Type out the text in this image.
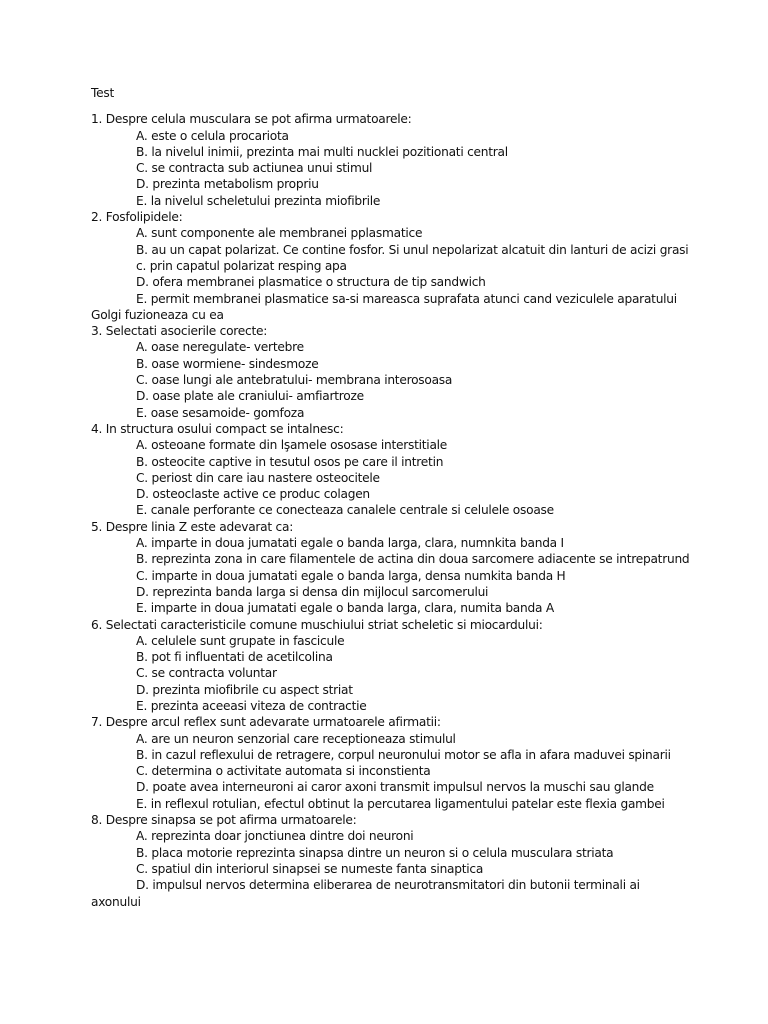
Test
1. Despre celula musculara se pot afirma urmatoarele:
A. este o celula procariota
B. la nivelul inimii, prezinta mai multi nucklei pozitionati central
C. se contracta sub actiunea unui stimul
D. prezinta metabolism propriu
E. la nivelul scheletului prezinta miofibrile
2. Fosfolipidele:
A. sunt componente ale membranei pplasmatice
B. au un capat polarizat. Ce contine fosfor. Si unul nepolarizat alcatuit din lanturi de acizi grasi
c. prin capatul polarizat resping apa
D. ofera membranei plasmatice o structura de tip sandwich
E. permit membranei plasmatice sa-si mareasca suprafata atunci cand veziculele aparatului Golgi fuzioneaza cu ea
3. Selectati asocierile corecte:
A. oase neregulate- vertebre
B. oase wormiene- sindesmoze
C. oase lungi ale antebratului- membrana interosoasa
D. oase plate ale craniului- amfiartroze
E. oase sesamoide- gomfoza
4. In structura osului compact se intalnesc:
A. osteoane formate din lşamele ososase interstitiale
B. osteocite captive in tesutul osos pe care il intretin
C. periost din care iau nastere osteocitele
D. osteoclaste active ce produc colagen
E. canale perforante ce conecteaza canalele centrale si celulele osoase
5. Despre linia Z este adevarat ca:
A. imparte in doua jumatati egale o banda larga, clara, numnkita banda I
B. reprezinta zona in care filamentele de actina din doua sarcomere adiacente se intrepatrund
C. imparte in doua jumatati egale o banda larga, densa numkita banda H
D. reprezinta banda larga si densa din mijlocul sarcomerului
E. imparte in doua jumatati egale o banda larga, clara, numita banda A
6. Selectati caracteristicile comune muschiului striat scheletic si miocardului:
A. celulele sunt grupate in fascicule
B. pot fi influentati de acetilcolina
C. se contracta voluntar
D. prezinta miofibrile cu aspect striat
E. prezinta aceeasi viteza de contractie
7. Despre arcul reflex sunt adevarate urmatoarele afirmatii:
A. are un neuron senzorial care receptioneaza stimulul
B. in cazul reflexului de retragere, corpul neuronului motor se afla in afara maduvei spinarii
C. determina o activitate automata si inconstienta
D. poate avea interneuroni ai caror axoni transmit impulsul nervos la muschi sau glande
E. in reflexul rotulian, efectul obtinut la percutarea ligamentului patelar este flexia gambei
8. Despre sinapsa se pot afirma urmatoarele:
A. reprezinta doar jonctiunea dintre doi neuroni
B. placa motorie reprezinta sinapsa dintre un neuron si o celula musculara striata
C. spatiul din interiorul sinapsei se numeste fanta sinaptica
D. impulsul nervos determina eliberarea de neurotransmitatori din butonii terminali ai axonului
